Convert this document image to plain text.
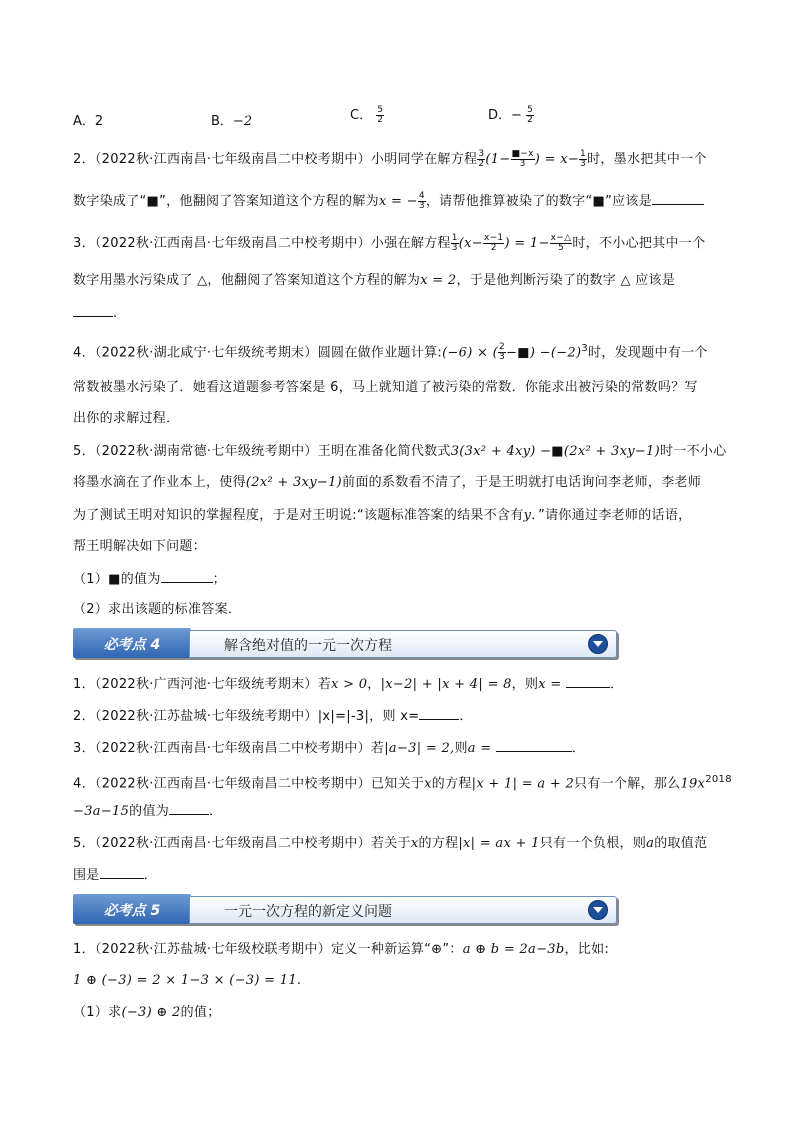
A．2	B．−2	C． $\frac{5}{2}$	D．− $\frac{5}{2}$
2．（2022秋·江西南昌·七年级南昌二中校考期中）小明同学在解方程 $\frac{3}{2} (1- \frac{■-x}{3}$ ) = $x- \frac{1}{3}$ 时，墨水把其中一个
数字染成了“■”，他翻阅了答案知道这个方程的解为x = − $\frac{4}{3}$ ，请帮他推算被染了的数字“■”应该是
3．（2022秋·江西南昌·七年级南昌二中校考期中）小强在解方程 $\frac{1}{3} (x- \frac{x-1}{2}$ ) = $1- \frac{x-\triangle}{5}$ 时，不小心把其中一个
数字用墨水污染成了 △，他翻阅了答案知道这个方程的解为x = 2，于是他判断污染了的数字 △ 应该是
.
4．（2022秋·湖北咸宁·七年级统考期末）圆圆在做作业题计算:(−6) × ( $\frac{2}{3}$ −■) $-(-2)^3$时，发现题中有一个
常数被墨水污染了．她看这道题参考答案是 6，马上就知道了被污染的常数．你能求出被污染的常数吗？写
出你的求解过程．
5．（2022秋·湖南常德·七年级统考期中）王明在准备化简代数式3(3x² + 4xy) −■(2x² + 3xy−1)时一不小心
将墨水滴在了作业本上，使得(2x² + 3xy−1)前面的系数看不清了，于是王明就打电话询问李老师，李老师
为了测试王明对知识的掌握程度，于是对王明说:“该题标准答案的结果不含有y．”请你通过李老师的话语，
帮王明解决如下问题：
（1）■的值为	；
（2）求出该题的标准答案．
必考点 4	解含绝对值的一元一次方程
1．（2022秋·广西河池·七年级统考期末）若x > 0，|x−2| + |x + 4| = 8，则x =	．
2．（2022秋·江苏盐城·七年级统考期中）|x|=|-3|，则 x=	．
3．（2022秋·江西南昌·七年级南昌二中校考期中）若|a−3| = 2,则a =	．
4．（2022秋·江西南昌·七年级南昌二中校考期中）已知关于x的方程|x + 1| = a + 2只有一个解，那么$19x^{2018}$
−3a−15的值为	．
5．（2022秋·江西南昌·七年级南昌二中校考期中）若关于x的方程|x| = ax + 1只有一个负根，则a的取值范
围是	．
必考点 5	一元一次方程的新定义问题
1．（2022秋·江苏盐城·七年级校联考期中）定义一种新运算“⊕”：a ⊕ b = 2a−3b，比如:
1 ⊕ (−3) = 2 × 1−3 × (−3) = 11.
（1）求(−3) ⊕ 2的值；
